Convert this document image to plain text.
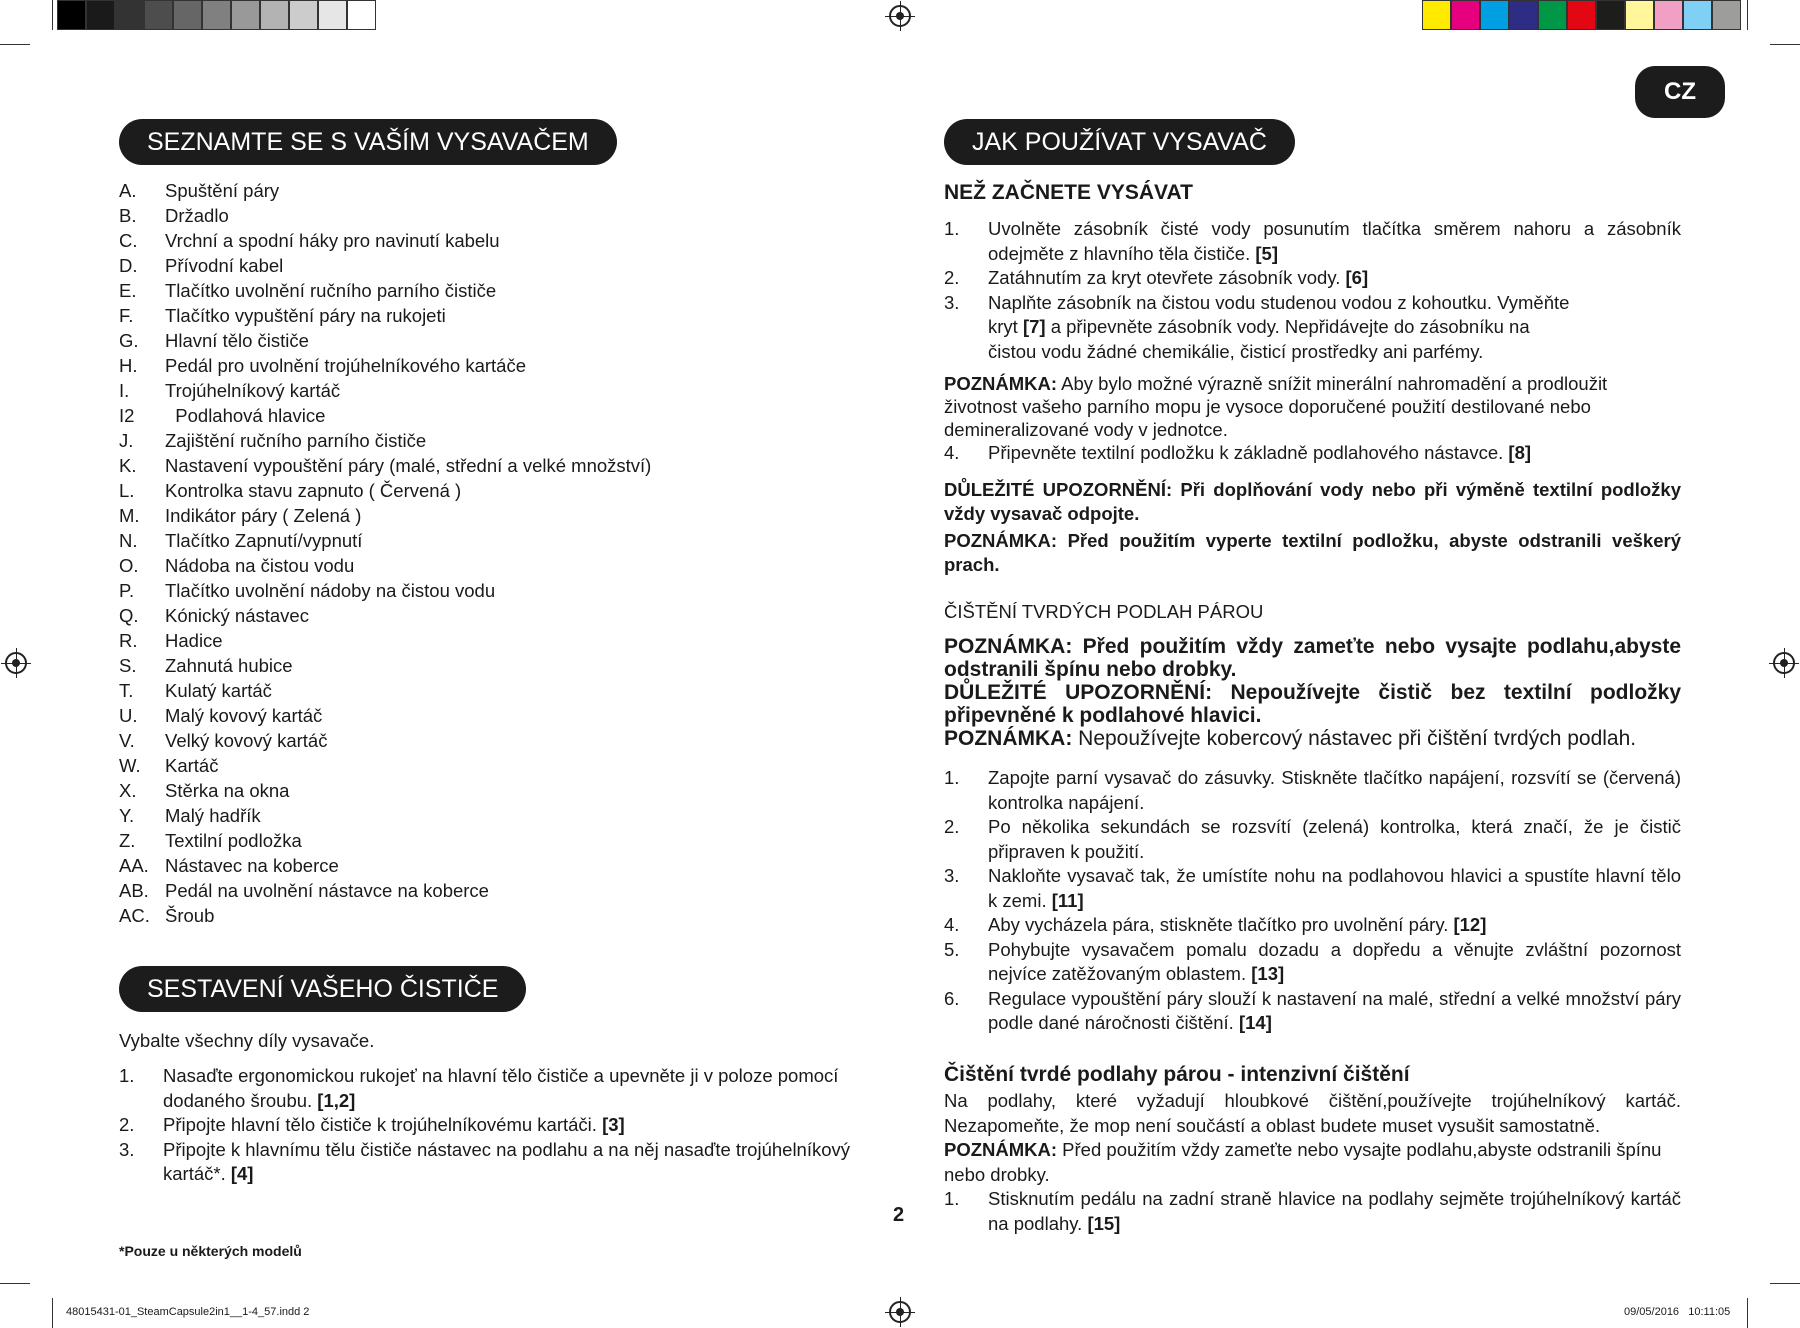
CZ
SEZNAMTE SE S VAŠÍM VYSAVAČEM
A. Spuštění páry
B. Držadlo
C. Vrchní a spodní háky pro navinutí kabelu
D. Přívodní kabel
E. Tlačítko uvolnění ručního parního čističe
F. Tlačítko vypuštění páry na rukojeti
G. Hlavní tělo čističe
H. Pedál pro uvolnění trojúhelníkového kartáče
I. Trojúhelníkový kartáč
I2  Podlahová hlavice
J. Zajištění ručního parního čističe
K. Nastavení vypouštění páry (malé, střední a velké množství)
L. Kontrolka stavu zapnuto ( Červená )
M. Indikátor páry ( Zelená )
N. Tlačítko Zapnutí/vypnutí
O. Nádoba na čistou vodu
P. Tlačítko uvolnění nádoby na čistou vodu
Q. Kónický nástavec
R. Hadice
S. Zahnutá hubice
T. Kulatý kartáč
U. Malý kovový kartáč
V. Velký kovový kartáč
W. Kartáč
X. Stěrka na okna
Y. Malý hadřík
Z. Textilní podložka
AA. Nástavec na koberce
AB. Pedál na uvolnění nástavce na koberce
AC. Šroub
SESTAVENÍ VAŠEHO ČISTIČE
Vybalte všechny díly vysavače.
1.	Nasaďte ergonomickou rukojeť na hlavní tělo čističe a upevněte ji v poloze pomocí dodaného šroubu. [1,2]
2.	Připojte hlavní tělo čističe k trojúhelníkovému kartáči. [3]
3.	Připojte k hlavnímu tělu čističe nástavec na podlahu a na něj nasaďte trojúhelníkový kartáč*. [4]
*Pouze u některých modelů
2
JAK POUŽÍVAT VYSAVAČ
NEŽ ZAČNETE VYSÁVAT
1.	Uvolněte zásobník čisté vody posunutím tlačítka směrem nahoru a zásobník odejměte z hlavního těla čističe. [5]
2.	Zatáhnutím za kryt otevřete zásobník vody. [6]
3.	Naplňte zásobník na čistou vodu studenou vodou z kohoutku. Vyměňte
kryt [7] a připevněte zásobník vody. Nepřidávejte do zásobníku na
čistou vodu žádné chemikálie, čisticí prostředky ani parfémy.
POZNÁMKA: Aby bylo možné výrazně snížit minerální nahromadění a prodloužit životnost vašeho parního mopu je vysoce doporučené použití destilované nebo demineralizované vody v jednotce.
4.	Připevněte textilní podložku k základně podlahového nástavce. [8]
DŮLEŽITÉ UPOZORNĚNÍ: Při doplňování vody nebo při výměně textilní podložky vždy vysavač odpojte.
POZNÁMKA: Před použitím vyperte textilní podložku, abyste odstranili veškerý prach.
ČIŠTĚNÍ TVRDÝCH PODLAH PÁROU
POZNÁMKA: Před použitím vždy zameťte nebo vysajte podlahu,abyste odstranili špínu nebo drobky.
DŮLEŽITÉ UPOZORNĚNÍ: Nepoužívejte čistič bez textilní podložky připevněné k podlahové hlavici.
POZNÁMKA: Nepoužívejte kobercový nástavec při čištění tvrdých podlah.
1.	Zapojte parní vysavač do zásuvky. Stiskněte tlačítko napájení, rozsvítí se (červená) kontrolka napájení.
2.	Po několika sekundách se rozsvítí (zelená) kontrolka, která značí, že je čistič připraven k použití.
3.	Nakloňte vysavač tak, že umístíte nohu na podlahovou hlavici a spustíte hlavní tělo k zemi. [11]
4.	Aby vycházela pára, stiskněte tlačítko pro uvolnění páry. [12]
5.	Pohybujte vysavačem pomalu dozadu a dopředu a věnujte zvláštní pozornost nejvíce zatěžovaným oblastem. [13]
6.	Regulace vypouštění páry slouží k nastavení na malé, střední a velké množství páry podle dané náročnosti čištění. [14]
Čištění tvrdé podlahy párou - intenzivní čištění
Na podlahy, které vyžadují hloubkové čištění,používejte trojúhelníkový kartáč. Nezapomeňte, že mop není součástí a oblast budete muset vysušit samostatně.
POZNÁMKA: Před použitím vždy zameťte nebo vysajte podlahu,abyste odstranili špínu nebo drobky.
1.	Stisknutím pedálu na zadní straně hlavice na podlahy sejměte trojúhelníkový kartáč na podlahy. [15]
48015431-01_SteamCapsule2in1__1-4_57.indd 2	09/05/2016 10:11:05
